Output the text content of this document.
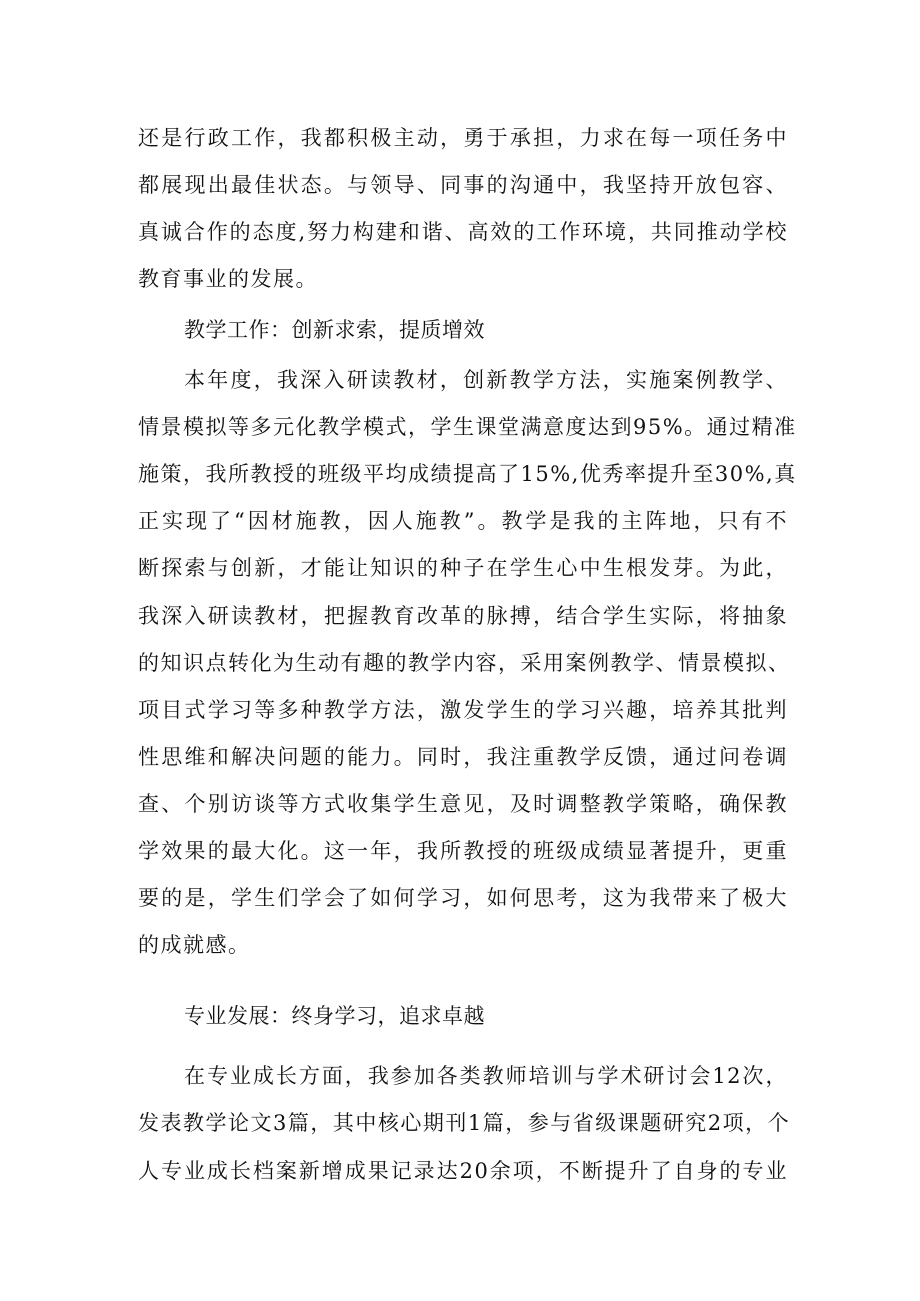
还是行政工作，我都积极主动，勇于承担，力求在每一项任务中
都展现出最佳状态。与领导、同事的沟通中，我坚持开放包容、
真诚合作的态度,努力构建和谐、高效的工作环境，共同推动学校
教育事业的发展。
教学工作：创新求索，提质增效
本年度，我深入研读教材，创新教学方法，实施案例教学、
情景模拟等多元化教学模式，学生课堂满意度达到95%。通过精准
施策，我所教授的班级平均成绩提高了15%,优秀率提升至30%,真
正实现了“因材施教，因人施教”。教学是我的主阵地，只有不
断探索与创新，才能让知识的种子在学生心中生根发芽。为此，
我深入研读教材，把握教育改革的脉搏，结合学生实际，将抽象
的知识点转化为生动有趣的教学内容，采用案例教学、情景模拟、
项目式学习等多种教学方法，激发学生的学习兴趣，培养其批判
性思维和解决问题的能力。同时，我注重教学反馈，通过问卷调
查、个别访谈等方式收集学生意见，及时调整教学策略，确保教
学效果的最大化。这一年，我所教授的班级成绩显著提升，更重
要的是，学生们学会了如何学习，如何思考，这为我带来了极大
的成就感。
专业发展：终身学习，追求卓越
在专业成长方面，我参加各类教师培训与学术研讨会12次，
发表教学论文3篇，其中核心期刊1篇，参与省级课题研究2项，个
人专业成长档案新增成果记录达20余项，不断提升了自身的专业
